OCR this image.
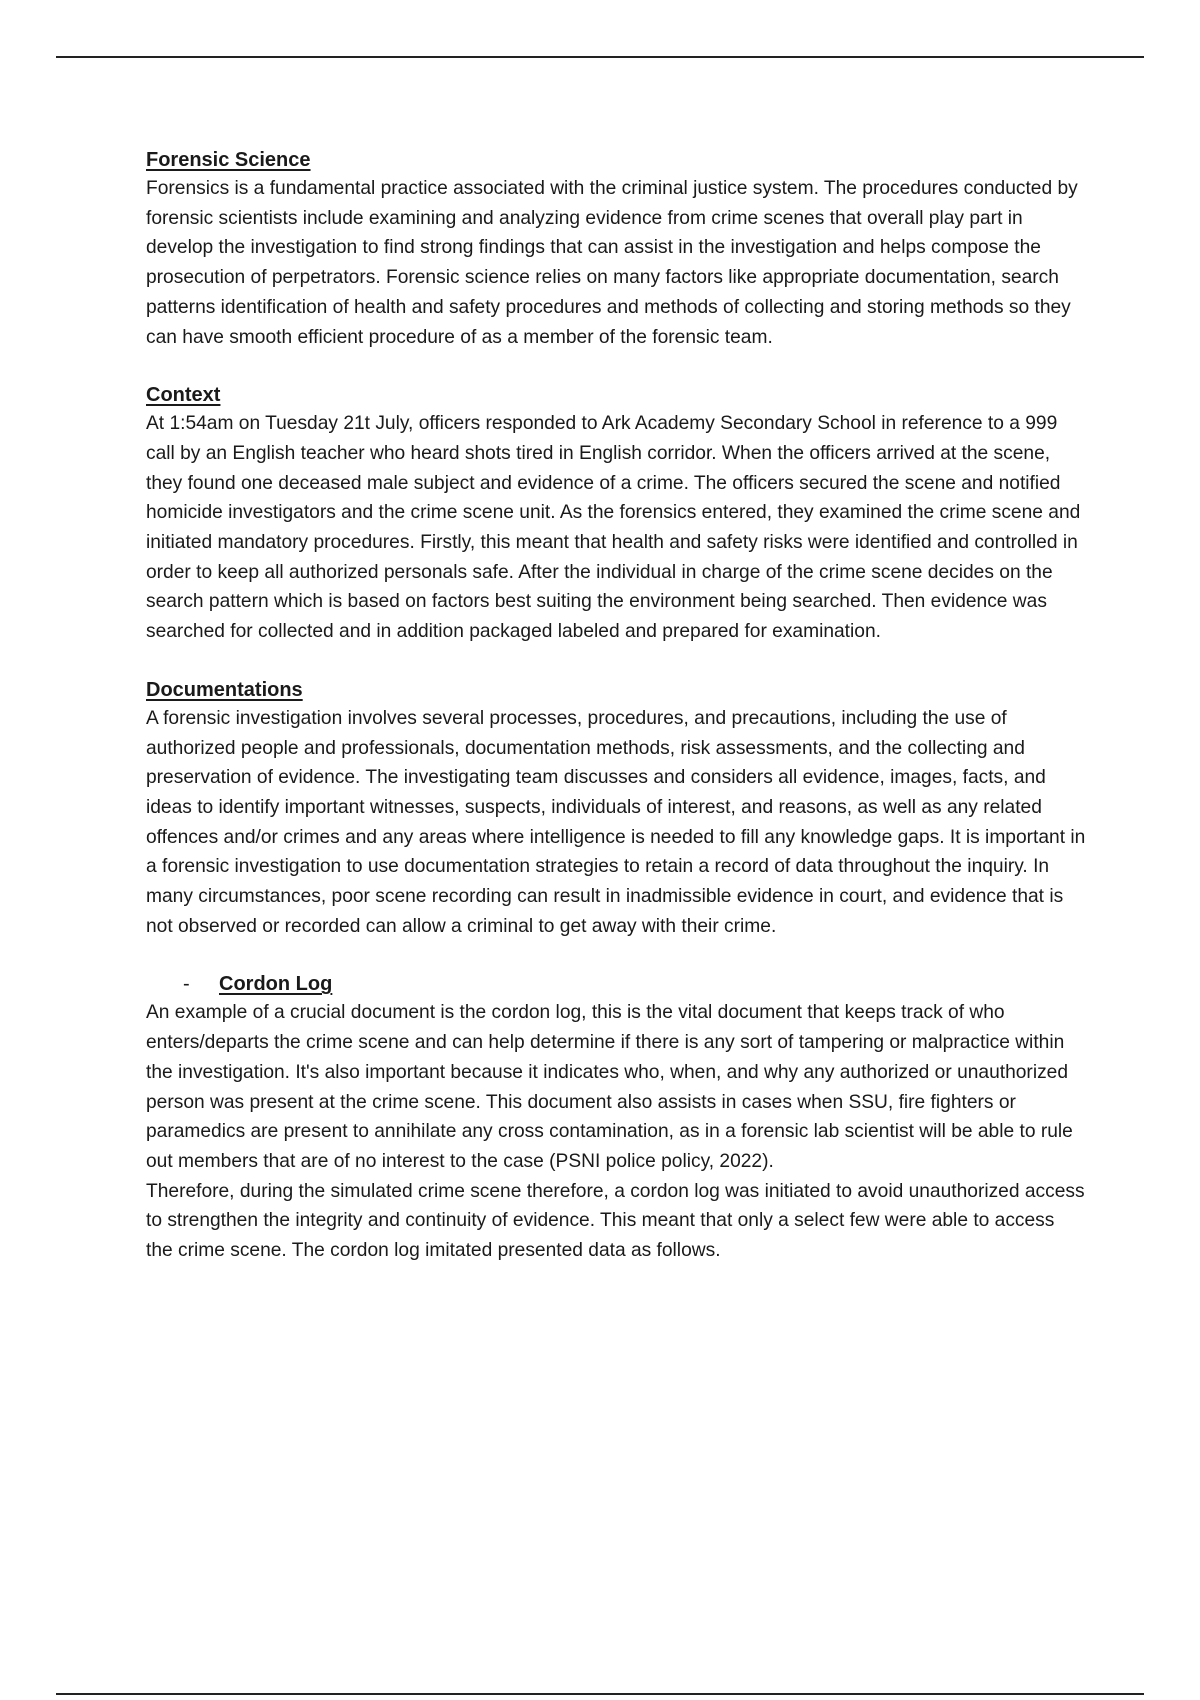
Forensic Science

Forensics is a fundamental practice associated with the criminal justice system. The procedures conducted by forensic scientists include examining and analyzing evidence from crime scenes that overall play part in develop the investigation to find strong findings that can assist in the investigation and helps compose the prosecution of perpetrators. Forensic science relies on many factors like appropriate documentation, search patterns identification of health and safety procedures and methods of collecting and storing methods so they can have smooth efficient procedure of as a member of the forensic team.

Context

At 1:54am on Tuesday 21t July, officers responded to Ark Academy Secondary School in reference to a 999 call by an English teacher who heard shots tired in English corridor. When the officers arrived at the scene, they found one deceased male subject and evidence of a crime. The officers secured the scene and notified homicide investigators and the crime scene unit. As the forensics entered, they examined the crime scene and initiated mandatory procedures. Firstly, this meant that health and safety risks were identified and controlled in order to keep all authorized personals safe. After the individual in charge of the crime scene decides on the search pattern which is based on factors best suiting the environment being searched. Then evidence was searched for collected and in addition packaged labeled and prepared for examination.

Documentations

A forensic investigation involves several processes, procedures, and precautions, including the use of authorized people and professionals, documentation methods, risk assessments, and the collecting and preservation of evidence. The investigating team discusses and considers all evidence, images, facts, and ideas to identify important witnesses, suspects, individuals of interest, and reasons, as well as any related offences and/or crimes and any areas where intelligence is needed to fill any knowledge gaps. It is important in a forensic investigation to use documentation strategies to retain a record of data throughout the inquiry. In many circumstances, poor scene recording can result in inadmissible evidence in court, and evidence that is not observed or recorded can allow a criminal to get away with their crime.

-	Cordon Log

An example of a crucial document is the cordon log, this is the vital document that keeps track of who enters/departs the crime scene and can help determine if there is any sort of tampering or malpractice within the investigation. It's also important because it indicates who, when, and why any authorized or unauthorized person was present at the crime scene. This document also assists in cases when SSU, fire fighters or paramedics are present to annihilate any cross contamination, as in a forensic lab scientist will be able to rule out members that are of no interest to the case (PSNI police policy, 2022).

Therefore, during the simulated crime scene therefore, a cordon log was initiated to avoid unauthorized access to strengthen the integrity and continuity of evidence. This meant that only a select few were able to access the crime scene. The cordon log imitated presented data as follows.
